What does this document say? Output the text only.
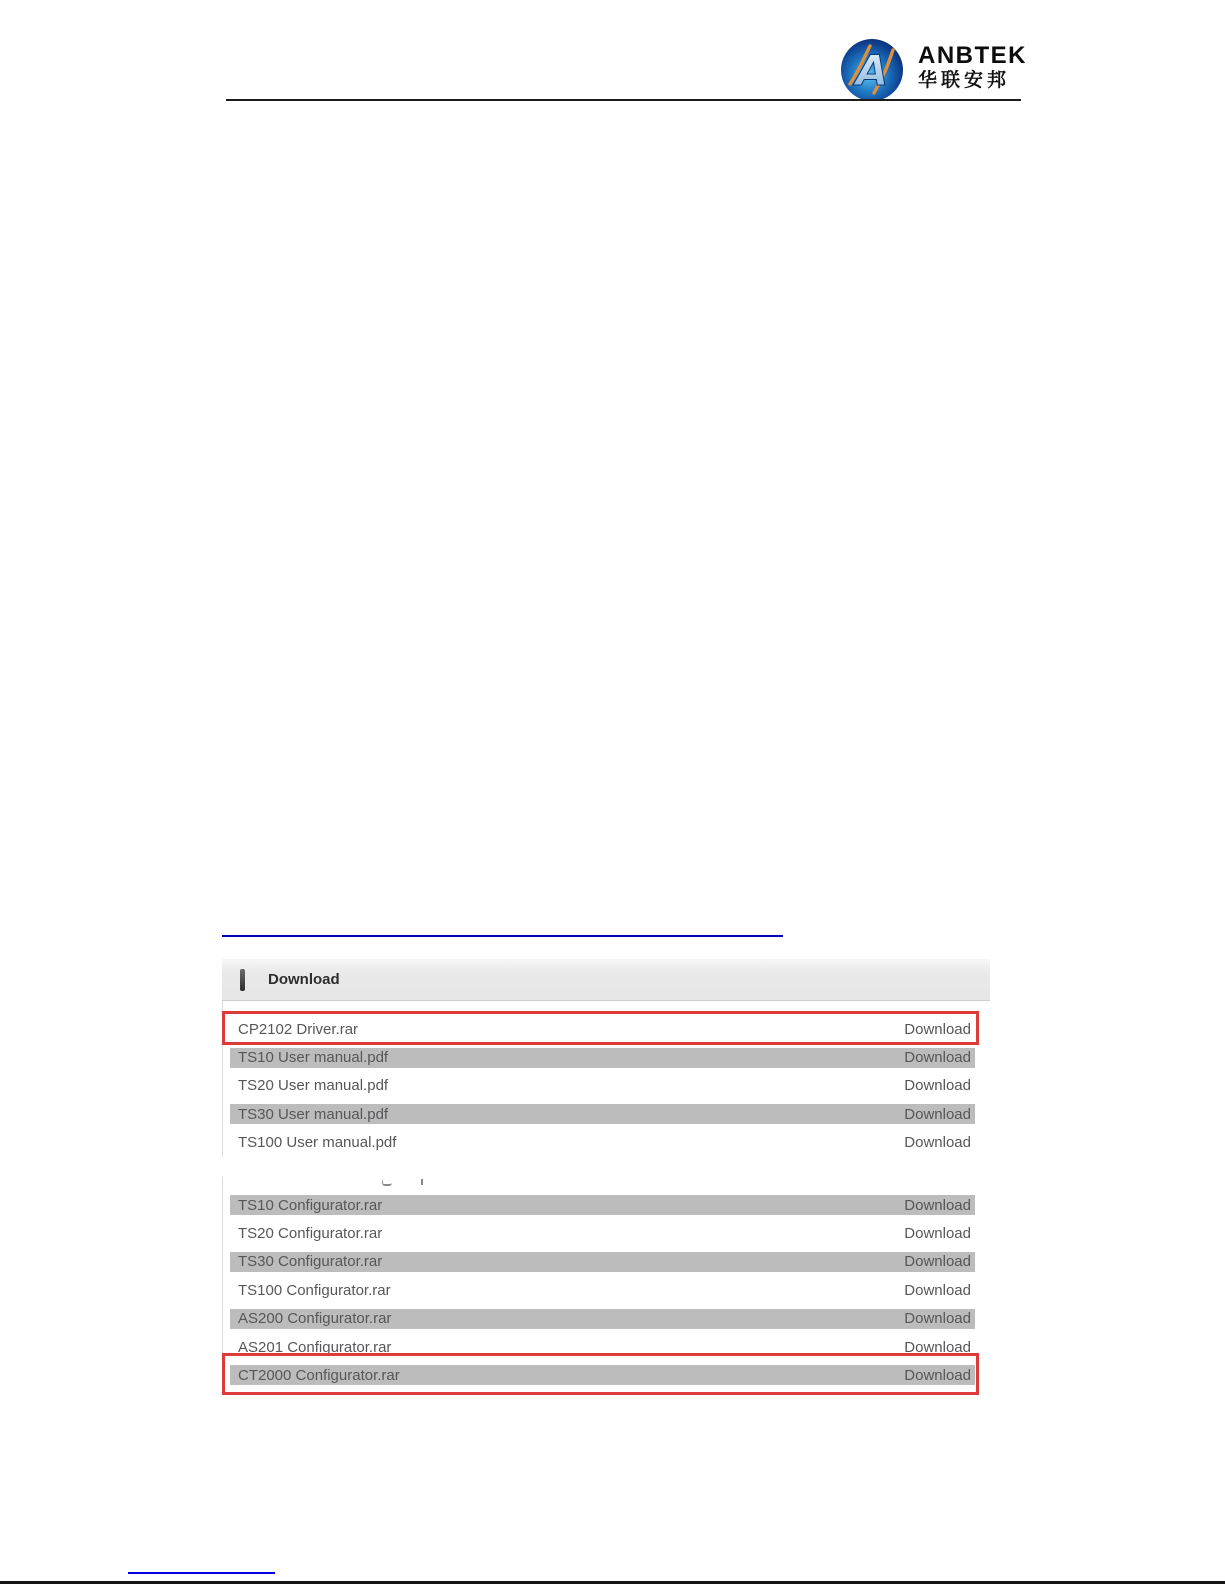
A ANBTEK
华联安邦
Download
CP2102 Driver.rar	Download
TS10 User manual.pdf	Download
TS20 User manual.pdf	Download
TS30 User manual.pdf	Download
TS100 User manual.pdf	Download
TS10 Configurator.rar	Download
TS20 Configurator.rar	Download
TS30 Configurator.rar	Download
TS100 Configurator.rar	Download
AS200 Configurator.rar	Download
AS201 Configurator.rar	Download
CT2000 Configurator.rar	Download
